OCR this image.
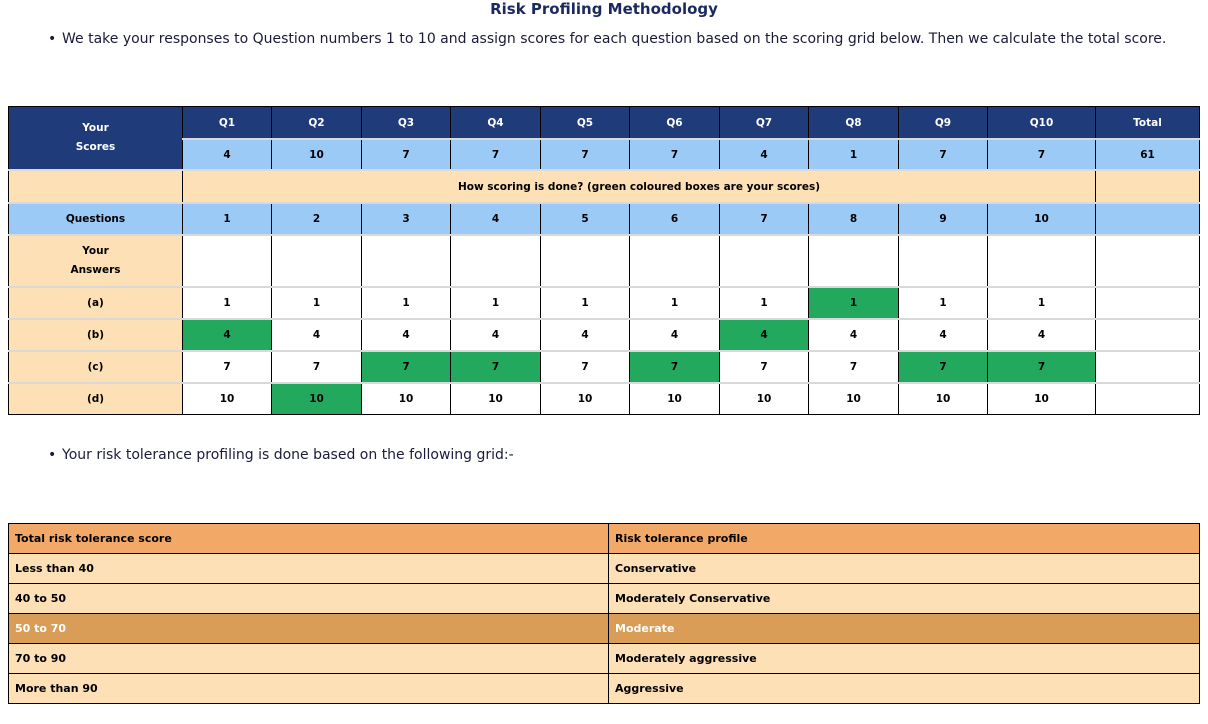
Risk Profiling Methodology
• We take your responses to Question numbers 1 to 10 and assign scores for each question based on the scoring grid below. Then we calculate the total score.
Your
Scores	Q1	Q2	Q3	Q4	Q5	Q6	Q7	Q8	Q9	Q10	Total
	4	10	7	7	7	7	4	1	7	7	61
	How scoring is done? (green coloured boxes are your scores)										
Questions	1	2	3	4	5	6	7	8	9	10	
Your
Answers											
(a)	1	1	1	1	1	1	1	1	1	1	
(b)	4	4	4	4	4	4	4	4	4	4	
(c)	7	7	7	7	7	7	7	7	7	7	
(d)	10	10	10	10	10	10	10	10	10	10	
• Your risk tolerance profiling is done based on the following grid:-
Total risk tolerance score	Risk tolerance profile
Less than 40	Conservative
40 to 50	Moderately Conservative
50 to 70	Moderate
70 to 90	Moderately aggressive
More than 90	Aggressive
